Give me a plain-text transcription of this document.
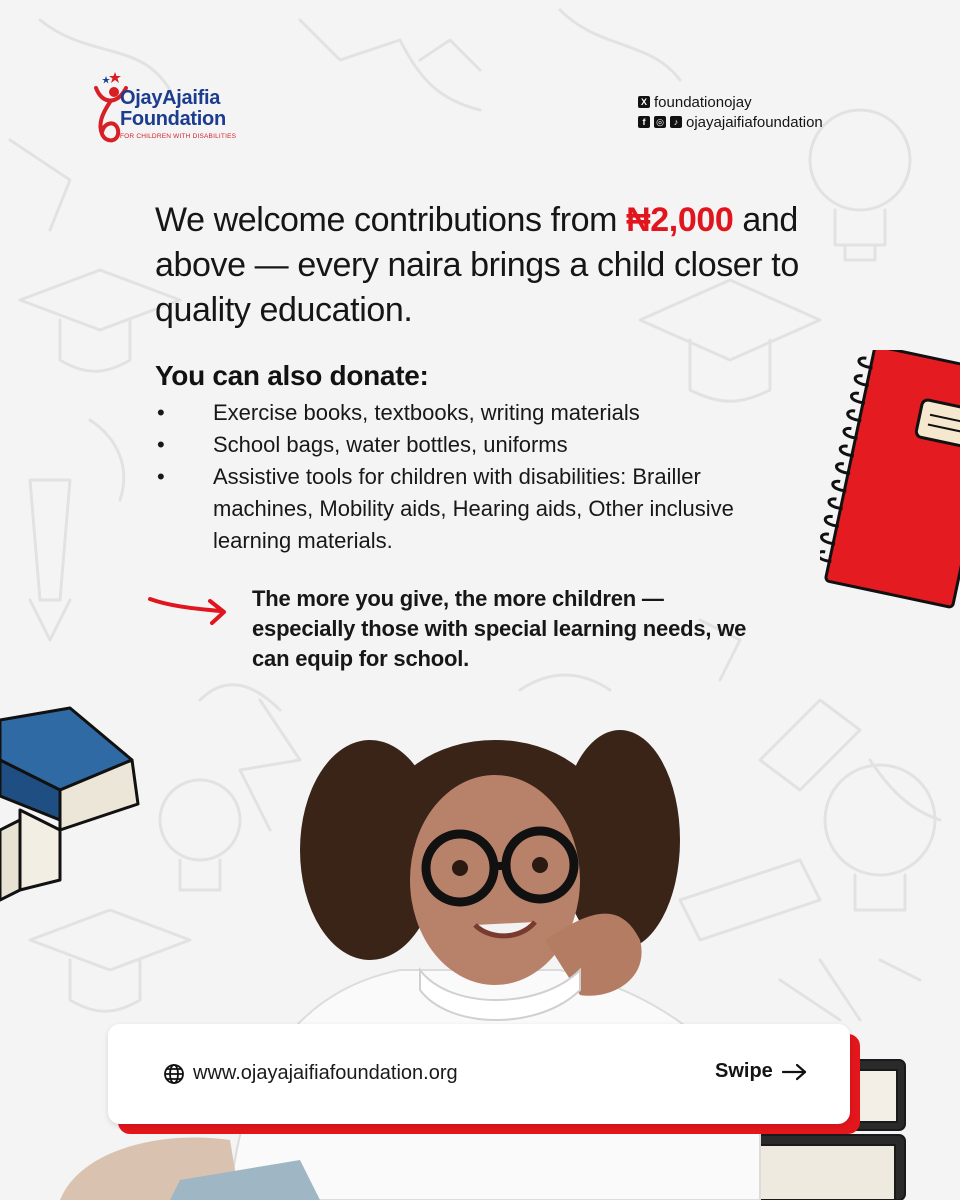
OjayAjaifia
Foundation
FOR CHILDREN WITH DISABILITIES
X foundationojay
f	◎	♪ ojayajaifiafoundation
We welcome contributions from ₦2,000 and above — every naira brings a child closer to quality education.
You can also donate:
• Exercise books, textbooks, writing materials
• School bags, water bottles, uniforms
• Assistive tools for children with disabilities: Brailler machines, Mobility aids, Hearing aids, Other inclusive learning materials.
The more you give, the more children — especially those with special learning needs, we can equip for school.
www.ojayajaifiafoundation.org	Swipe
